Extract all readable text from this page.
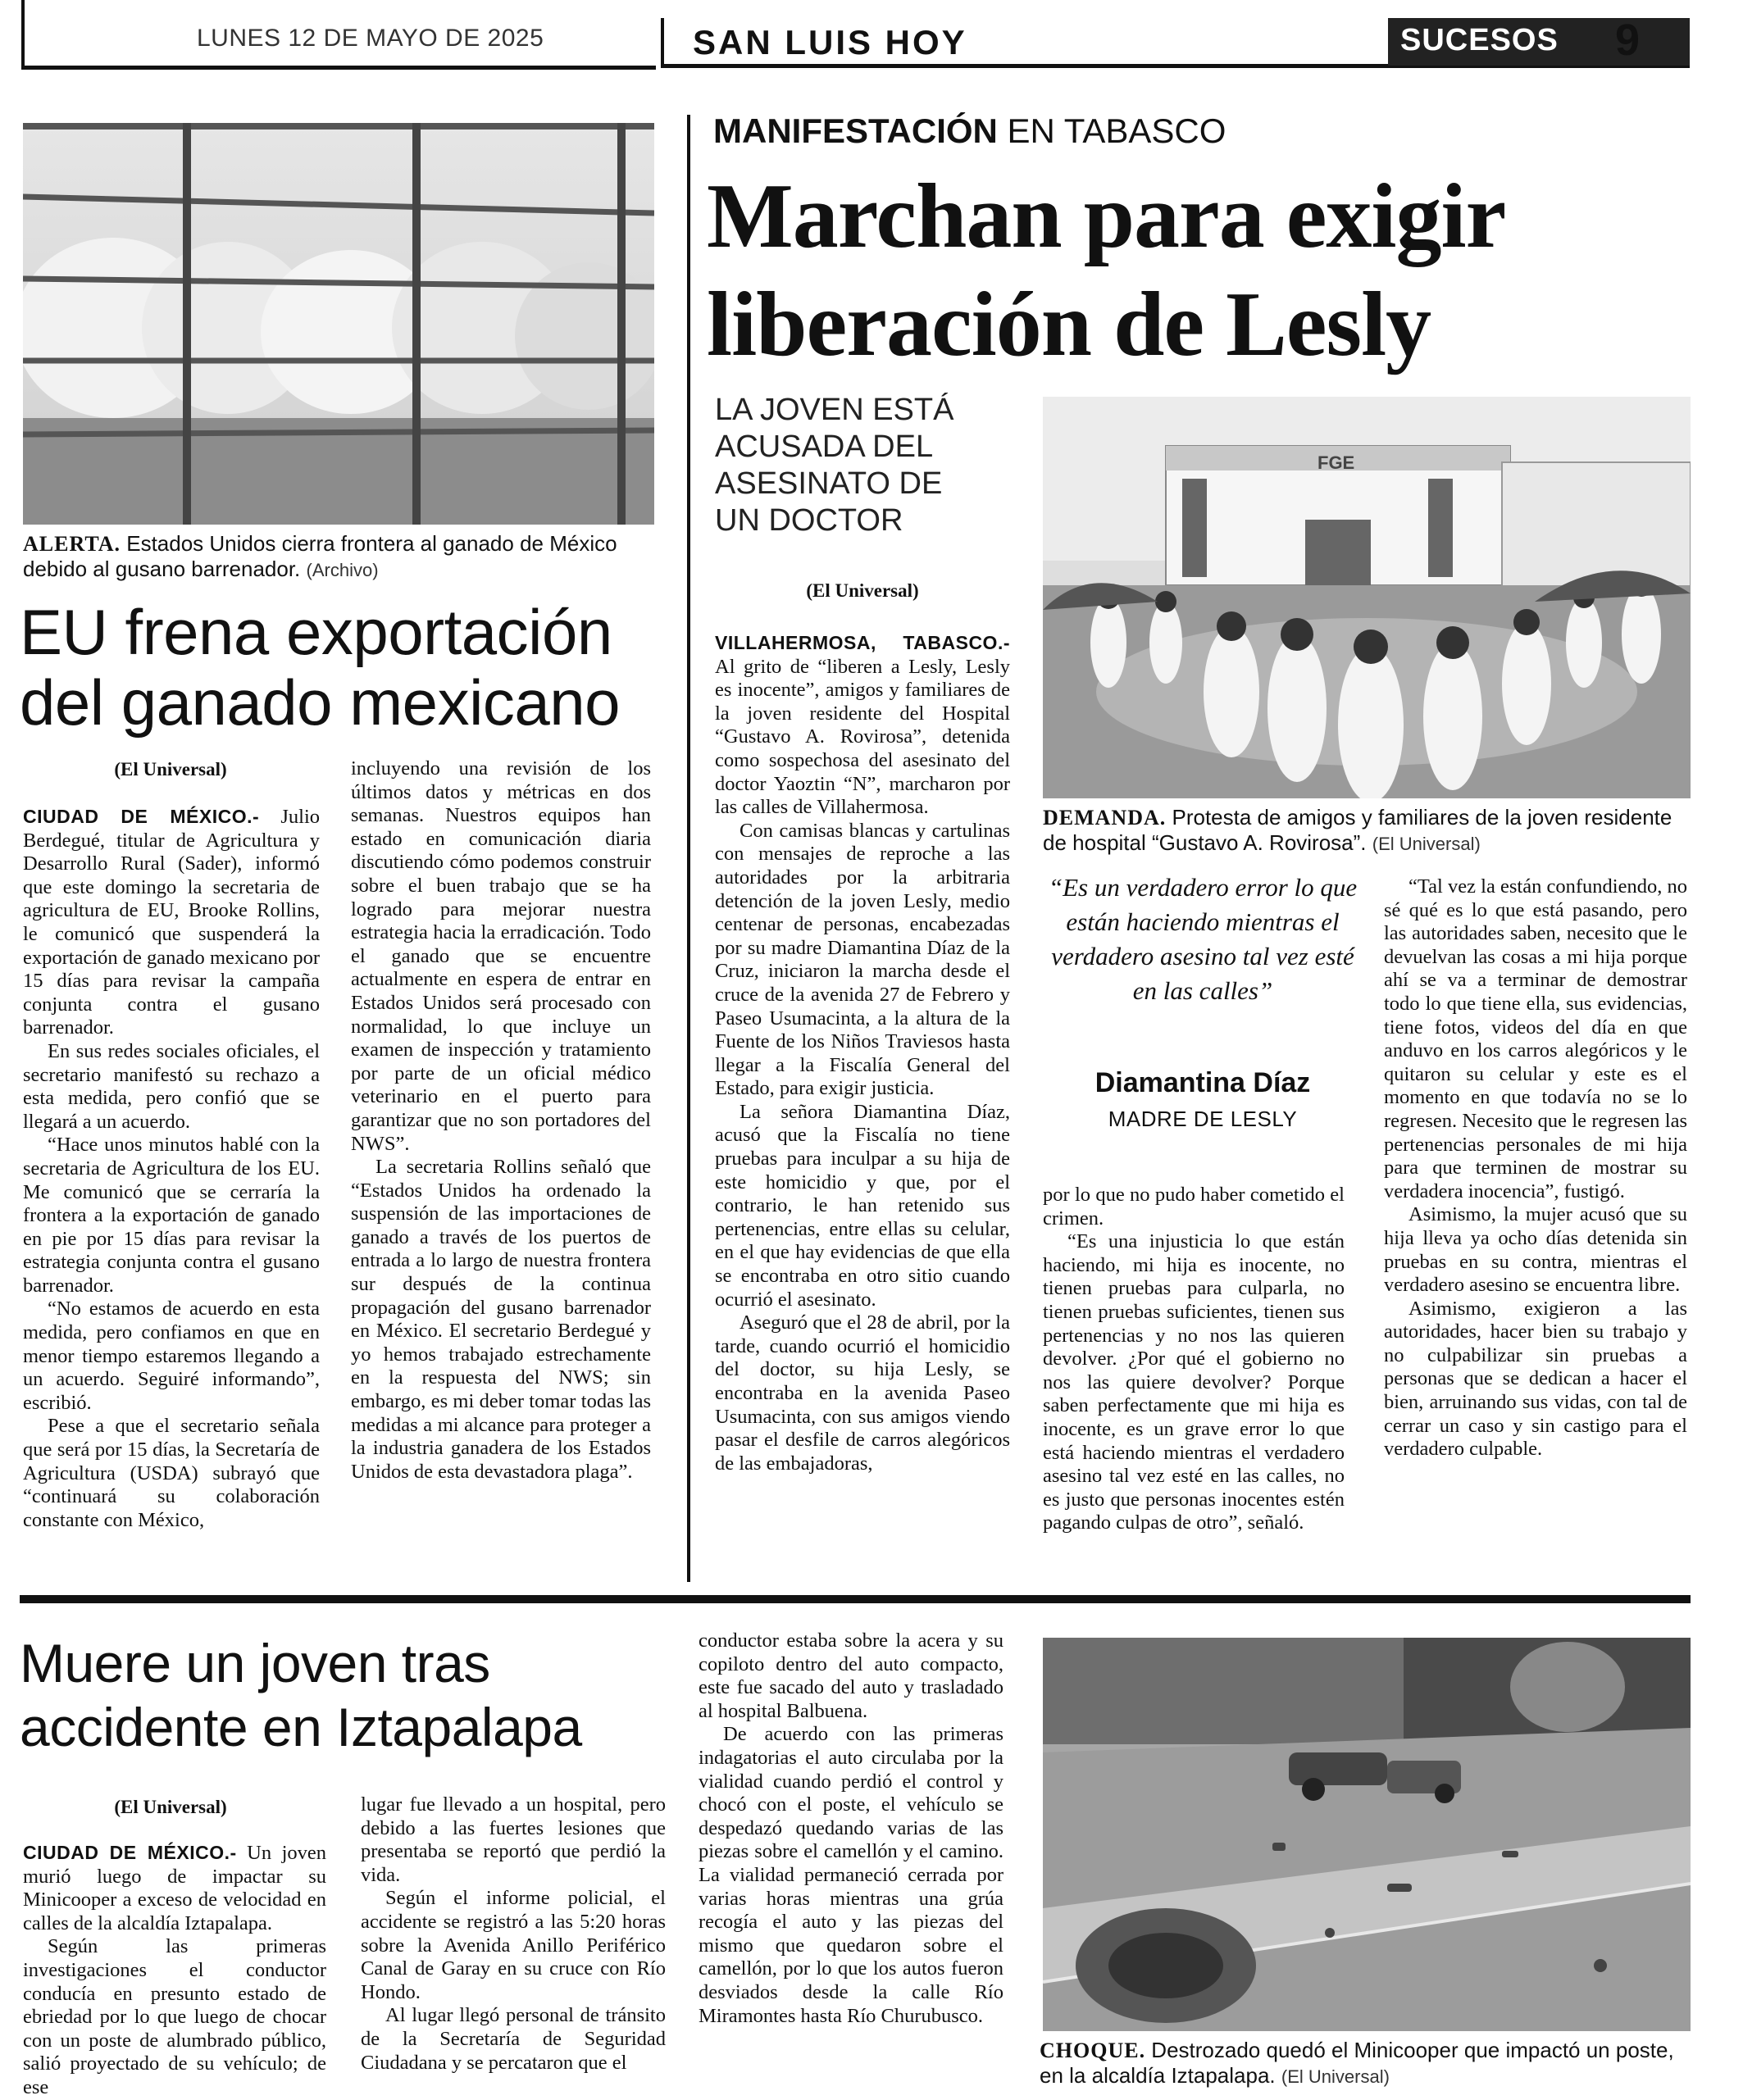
LUNES 12 DE MAYO DE 2025	SAN LUIS HOY	SUCESOS 9
ALERTA. Estados Unidos cierra frontera al ganado de México debido al gusano barrenador. (Archivo)
EU frena exportación
del ganado mexicano
(El Universal)

CIUDAD DE MÉXICO.- Julio Berdegué, titular de Agricultura y Desarrollo Rural (Sader), informó que este domingo la secretaria de agricultura de EU, Brooke Rollins, le comunicó que suspenderá la exportación de ganado mexicano por 15 días para revisar la campaña conjunta contra el gusano barrenador.

En sus redes sociales oficiales, el secretario manifestó su rechazo a esta medida, pero confió que se llegará a un acuerdo.

“Hace unos minutos hablé con la secretaria de Agricultura de los EU. Me comunicó que se cerraría la frontera a la exportación de ganado en pie por 15 días para revisar la estrategia conjunta contra el gusano barrenador.

“No estamos de acuerdo en esta medida, pero confiamos en que en menor tiempo estaremos llegando a un acuerdo. Seguiré informando”, escribió.

Pese a que el secretario señala que será por 15 días, la Secretaría de Agricultura (USDA) subrayó que “continuará su colaboración constante con México,

incluyendo una revisión de los últimos datos y métricas en dos semanas. Nuestros equipos han estado en comunicación diaria discutiendo cómo podemos construir sobre el buen trabajo que se ha logrado para mejorar nuestra estrategia hacia la erradicación. Todo el ganado que se encuentre actualmente en espera de entrar en Estados Unidos será procesado con normalidad, lo que incluye un examen de inspección y tratamiento por parte de un oficial médico veterinario en el puerto para garantizar que no son portadores del NWS”.

La secretaria Rollins señaló que “Estados Unidos ha ordenado la suspensión de las importaciones de ganado a través de los puertos de entrada a lo largo de nuestra frontera sur después de la continua propagación del gusano barrenador en México. El secretario Berdegué y yo hemos trabajado estrechamente en la respuesta del NWS; sin embargo, es mi deber tomar todas las medidas a mi alcance para proteger a la industria ganadera de los Estados Unidos de esta devastadora plaga”.

MANIFESTACIÓN EN TABASCO
Marchan para exigir
liberación de Lesly
LA JOVEN ESTÁ
ACUSADA DEL
ASESINATO DE
UN DOCTOR
(El Universal)
FGE
DEMANDA. Protesta de amigos y familiares de la joven residente de hospital “Gustavo A. Rovirosa”. (El Universal)

VILLAHERMOSA, TABASCO.- Al grito de “liberen a Lesly, Lesly es inocente”, amigos y familiares de la joven residente del Hospital “Gustavo A. Rovirosa”, detenida como sospechosa del asesinato del doctor Yaoztin “N”, marcharon por las calles de Villahermosa.

Con camisas blancas y cartulinas con mensajes de reproche a las autoridades por la arbitraria detención de la joven Lesly, medio centenar de personas, encabezadas por su madre Diamantina Díaz de la Cruz, iniciaron la marcha desde el cruce de la avenida 27 de Febrero y Paseo Usumacinta, a la altura de la Fuente de los Niños Traviesos hasta llegar a la Fiscalía General del Estado, para exigir justicia.

La señora Diamantina Díaz, acusó que la Fiscalía no tiene pruebas para inculpar a su hija de este homicidio y que, por el contrario, le han retenido sus pertenencias, entre ellas su celular, en el que hay evidencias de que ella se encontraba en otro sitio cuando ocurrió el asesinato.

Aseguró que el 28 de abril, por la tarde, cuando ocurrió el homicidio del doctor, su hija Lesly, se encontraba en la avenida Paseo Usumacinta, con sus amigos viendo pasar el desfile de carros alegóricos de las embajadoras,

“Es un verdadero error lo que están haciendo mientras el verdadero asesino tal vez esté en las calles”
Diamantina Díaz
MADRE DE LESLY

por lo que no pudo haber cometido el crimen.

“Es una injusticia lo que están haciendo, mi hija es inocente, no tienen pruebas para culparla, no tienen pruebas suficientes, tienen sus pertenencias y no nos las quieren devolver. ¿Por qué el gobierno no nos las quiere devolver? Porque saben perfectamente que mi hija es inocente, es un grave error lo que está haciendo mientras el verdadero asesino tal vez esté en las calles, no es justo que personas inocentes estén pagando culpas de otro”, señaló.

“Tal vez la están confundiendo, no sé qué es lo que está pasando, pero las autoridades saben, necesito que le devuelvan las cosas a mi hija porque ahí se va a terminar de demostrar todo lo que tiene ella, sus evidencias, tiene fotos, videos del día en que anduvo en los carros alegóricos y le quitaron su celular y este es el momento en que todavía no se lo regresen. Necesito que le regresen las pertenencias personales de mi hija para que terminen de mostrar su verdadera inocencia”, fustigó.

Asimismo, la mujer acusó que su hija lleva ya ocho días detenida sin pruebas en su contra, mientras el verdadero asesino se encuentra libre.

Asimismo, exigieron a las autoridades, hacer bien su trabajo y no culpabilizar sin pruebas a personas que se dedican a hacer el bien, arruinando sus vidas, con tal de cerrar un caso y sin castigo para el verdadero culpable.

Muere un joven tras
accidente en Iztapalapa
(El Universal)

CIUDAD DE MÉXICO.- Un joven murió luego de impactar su Minicooper a exceso de velocidad en calles de la alcaldía Iztapalapa.

Según las primeras investigaciones el conductor conducía en presunto estado de ebriedad por lo que luego de chocar con un poste de alumbrado público, salió proyectado de su vehículo; de ese

lugar fue llevado a un hospital, pero debido a las fuertes lesiones que presentaba se reportó que perdió la vida.

Según el informe policial, el accidente se registró a las 5:20 horas sobre la Avenida Anillo Periférico Canal de Garay en su cruce con Río Hondo.

Al lugar llegó personal de tránsito de la Secretaría de Seguridad Ciudadana y se percataron que el

conductor estaba sobre la acera y su copiloto dentro del auto compacto, este fue sacado del auto y trasladado al hospital Balbuena.

De acuerdo con las primeras indagatorias el auto circulaba por la vialidad cuando perdió el control y chocó con el poste, el vehículo se despedazó quedando varias de las piezas sobre el camellón y el camino. La vialidad permaneció cerrada por varias horas mientras una grúa recogía el auto y las piezas del mismo que quedaron sobre el camellón, por lo que los autos fueron desviados desde la calle Río Miramontes hasta Río Churubusco.

CHOQUE. Destrozado quedó el Minicooper que impactó un poste, en la alcaldía Iztapalapa. (El Universal)
